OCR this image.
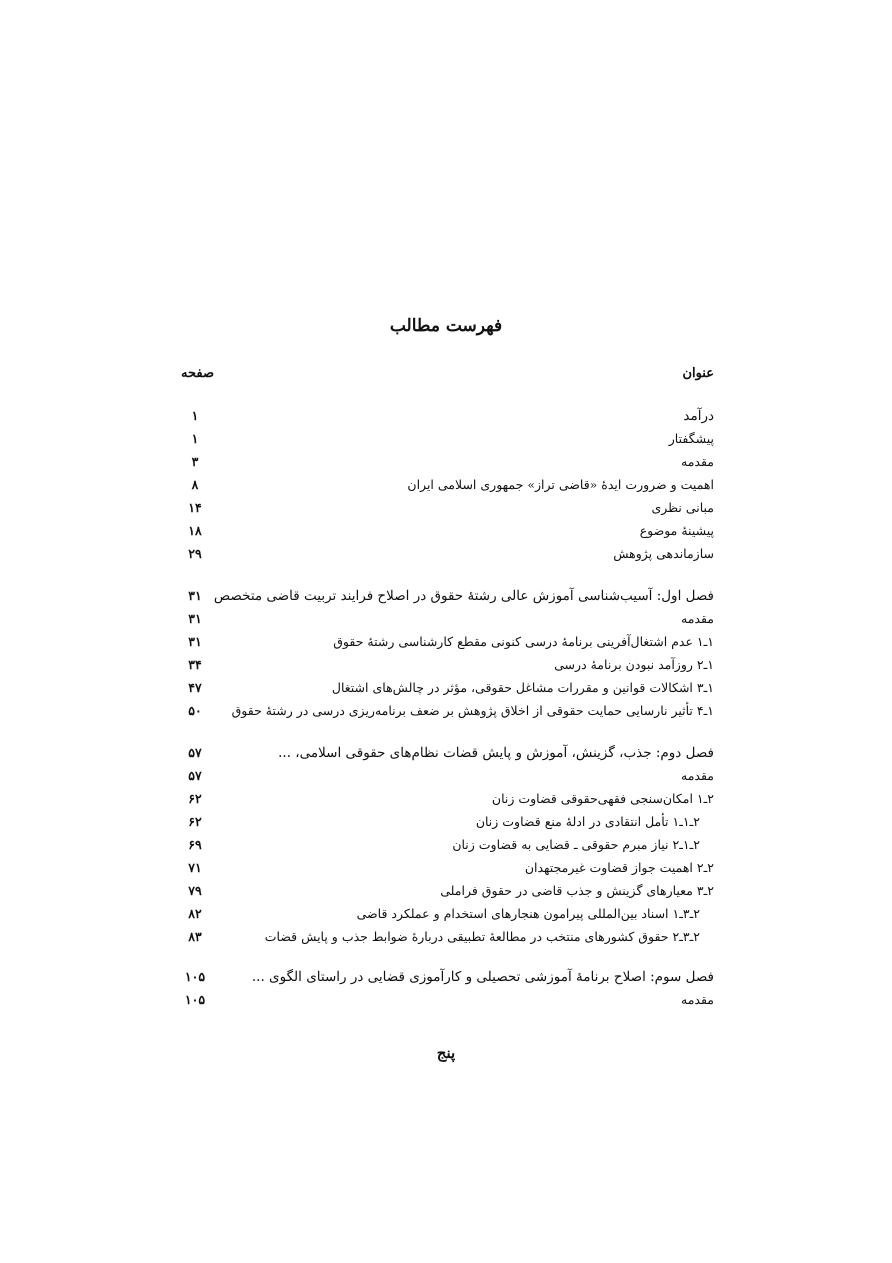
فهرست مطالب
عنوان
صفحه
درآمد
۱
پیشگفتار
۱
مقدمه
۳
اهمیت و ضرورت ایدهٔ «قاضی تراز» جمهوری اسلامی ایران
۸
مبانی نظری
۱۴
پیشینهٔ موضوع
۱۸
سازماندهی پژوهش
۲۹
فصل اول: آسیب‌شناسی آموزش عالی رشتهٔ حقوق در اصلاح فرایند تربیت قاضی متخصص
۳۱
مقدمه
۳۱
۱ـ۱ عدم اشتغال‌آفرینی برنامهٔ درسی کنونی مقطع کارشناسی رشتهٔ حقوق
۳۱
۱ـ۲ روزآمد نبودن برنامهٔ درسی
۳۴
۱ـ۳ اشکالات قوانین و مقررات مشاغل حقوقی، مؤثر در چالش‌های اشتغال
۴۷
۱ـ۴ تأثیر نارسایی حمایت حقوقی از اخلاق پژوهش بر ضعف برنامه‌ریزی درسی در رشتهٔ حقوق
۵۰
فصل دوم: جذب، گزینش، آموزش و پایش قضات نظام‌های حقوقی اسلامی، ...
۵۷
مقدمه
۵۷
۲ـ۱ امکان‌سنجی فقهی‌حقوقی قضاوت زنان
۶۲
۲ـ۱ـ۱ تأمل انتقادی در ادلهٔ منع قضاوت زنان
۶۲
۲ـ۱ـ۲ نیاز مبرم حقوقی ـ قضایی به قضاوت زنان
۶۹
۲ـ۲ اهمیت جواز قضاوت غیرمجتهدان
۷۱
۲ـ۳ معیارهای گزینش و جذب قاضی در حقوق فراملی
۷۹
۲ـ۳ـ۱ اسناد بین‌المللی پیرامون هنجارهای استخدام و عملکرد قاضی
۸۲
۲ـ۳ـ۲ حقوق کشورهای منتخب در مطالعهٔ تطبیقی دربارهٔ ضوابط جذب و پایش قضات
۸۳
فصل سوم: اصلاح برنامهٔ آموزشی تحصیلی و کارآموزی قضایی در راستای الگوی ...
۱۰۵
مقدمه
۱۰۵
پنج
